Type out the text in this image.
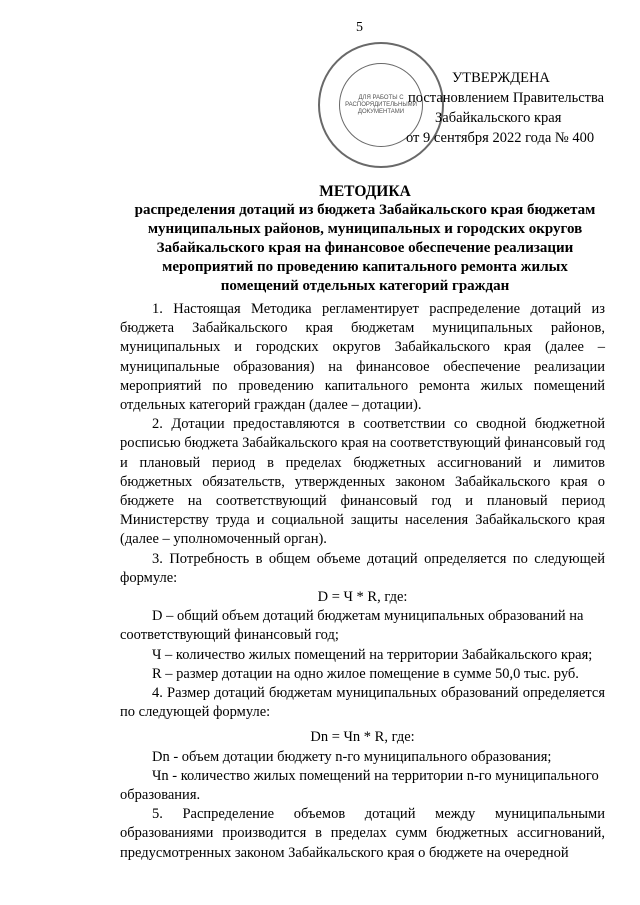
5
ДЛЯ РАБОТЫ С РАСПОРЯДИТЕЛЬНЫМИ ДОКУМЕНТАМИ
УТВЕРЖДЕНА
постановлением Правительства
Забайкальского края
от 9 сентября 2022 года № 400
МЕТОДИКА
распределения дотаций из бюджета Забайкальского края бюджетам муниципальных районов, муниципальных и городских округов Забайкальского края на финансовое обеспечение реализации мероприятий по проведению капитального ремонта жилых помещений отдельных категорий граждан

1. Настоящая Методика регламентирует распределение дотаций из бюджета Забайкальского края бюджетам муниципальных районов, муниципальных и городских округов Забайкальского края (далее – муниципальные образования) на финансовое обеспечение реализации мероприятий по проведению капитального ремонта жилых помещений отдельных категорий граждан (далее – дотации).

2. Дотации предоставляются в соответствии со сводной бюджетной росписью бюджета Забайкальского края на соответствующий финансовый год и плановый период в пределах бюджетных ассигнований и лимитов бюджетных обязательств, утвержденных законом Забайкальского края о бюджете на соответствующий финансовый год и плановый период Министерству труда и социальной защиты населения Забайкальского края (далее – уполномоченный орган).

3. Потребность в общем объеме дотаций определяется по следующей формуле:

D = Ч * R, где:

D – общий объем дотаций бюджетам муниципальных образований на соответствующий финансовый год;

Ч – количество жилых помещений на территории Забайкальского края;

R – размер дотации на одно жилое помещение в сумме 50,0 тыс. руб.

4. Размер дотаций бюджетам муниципальных образований определяется по следующей формуле:

Dn = Чn * R, где:

Dn - объем дотации бюджету n-го муниципального образования;

Чn - количество жилых помещений на территории n-го муниципального образования.

5. Распределение объемов дотаций между муниципальными образованиями производится в пределах сумм бюджетных ассигнований, предусмотренных законом Забайкальского края о бюджете на очередной
